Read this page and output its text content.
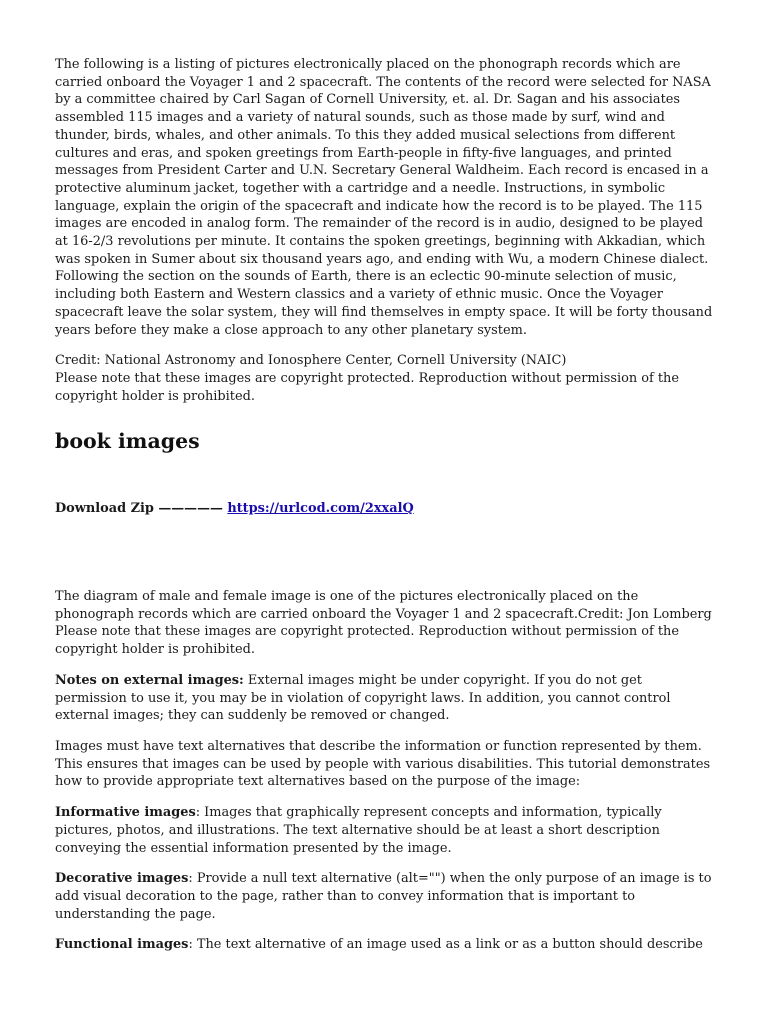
The following is a listing of pictures electronically placed on the phonograph records which are carried onboard the Voyager 1 and 2 spacecraft. The contents of the record were selected for NASA by a committee chaired by Carl Sagan of Cornell University, et. al. Dr. Sagan and his associates assembled 115 images and a variety of natural sounds, such as those made by surf, wind and thunder, birds, whales, and other animals. To this they added musical selections from different cultures and eras, and spoken greetings from Earth-people in fifty-five languages, and printed messages from President Carter and U.N. Secretary General Waldheim. Each record is encased in a protective aluminum jacket, together with a cartridge and a needle. Instructions, in symbolic language, explain the origin of the spacecraft and indicate how the record is to be played. The 115 images are encoded in analog form. The remainder of the record is in audio, designed to be played at 16-2/3 revolutions per minute. It contains the spoken greetings, beginning with Akkadian, which was spoken in Sumer about six thousand years ago, and ending with Wu, a modern Chinese dialect. Following the section on the sounds of Earth, there is an eclectic 90-minute selection of music, including both Eastern and Western classics and a variety of ethnic music. Once the Voyager spacecraft leave the solar system, they will find themselves in empty space. It will be forty thousand years before they make a close approach to any other planetary system.

Credit: National Astronomy and Ionosphere Center, Cornell University (NAIC)
Please note that these images are copyright protected. Reproduction without permission of the copyright holder is prohibited.

book images

Download Zip ————— https://urlcod.com/2xxalQ

The diagram of male and female image is one of the pictures electronically placed on the phonograph records which are carried onboard the Voyager 1 and 2 spacecraft.Credit: Jon Lomberg
Please note that these images are copyright protected. Reproduction without permission of the copyright holder is prohibited.

Notes on external images: External images might be under copyright. If you do not get permission to use it, you may be in violation of copyright laws. In addition, you cannot control external images; they can suddenly be removed or changed.

Images must have text alternatives that describe the information or function represented by them. This ensures that images can be used by people with various disabilities. This tutorial demonstrates how to provide appropriate text alternatives based on the purpose of the image:

Informative images: Images that graphically represent concepts and information, typically pictures, photos, and illustrations. The text alternative should be at least a short description conveying the essential information presented by the image.

Decorative images: Provide a null text alternative (alt="") when the only purpose of an image is to add visual decoration to the page, rather than to convey information that is important to understanding the page.

Functional images: The text alternative of an image used as a link or as a button should describe
